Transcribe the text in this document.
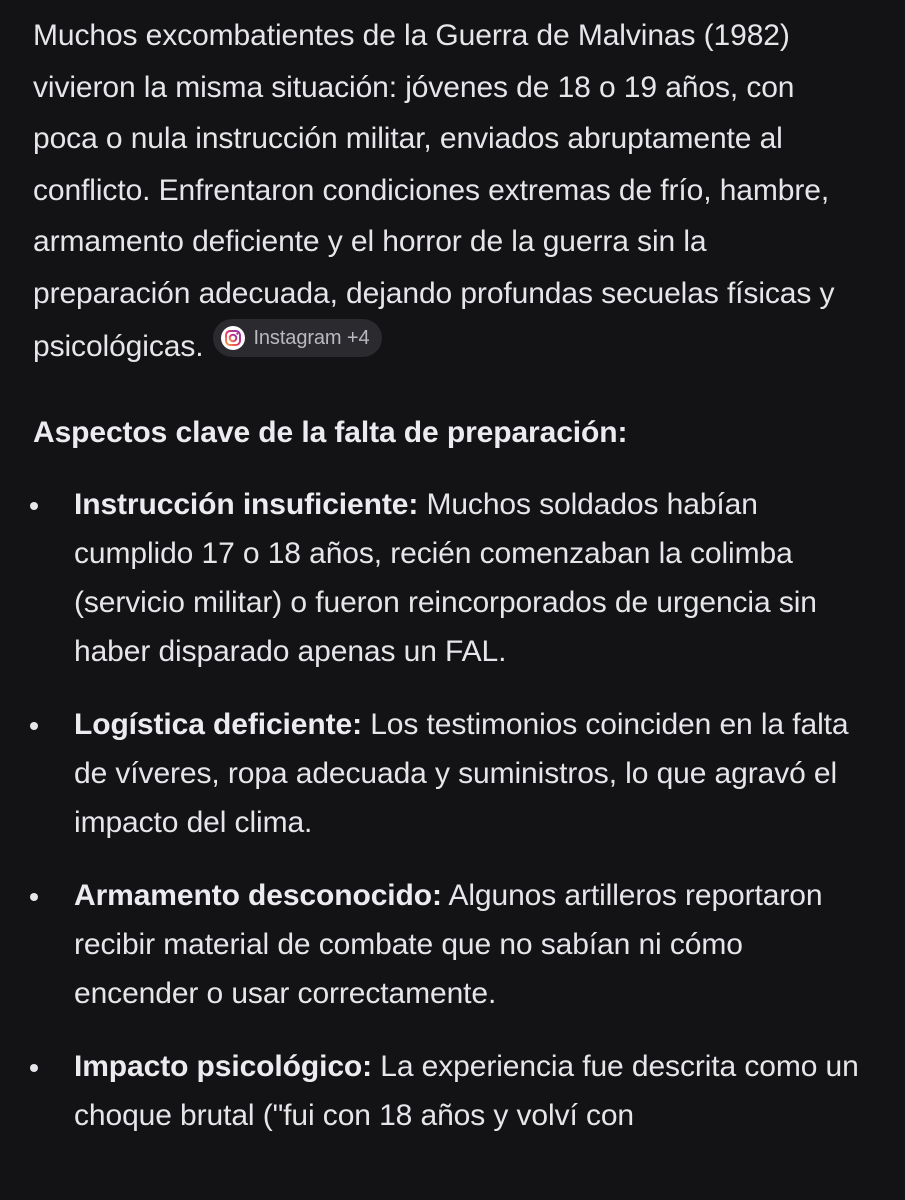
Muchos excombatientes de la Guerra de Malvinas (1982) vivieron la misma situación: jóvenes de 18 o 19 años, con poca o nula instrucción militar, enviados abruptamente al conflicto. Enfrentaron condiciones extremas de frío, hambre, armamento deficiente y el horror de la guerra sin la preparación adecuada, dejando profundas secuelas físicas y psicológicas.	Instagram +4

Aspectos clave de la falta de preparación:
Instrucción insuficiente: Muchos soldados habían cumplido 17 o 18 años, recién comenzaban la colimba (servicio militar) o fueron reincorporados de urgencia sin haber disparado apenas un FAL.
Logística deficiente: Los testimonios coinciden en la falta de víveres, ropa adecuada y suministros, lo que agravó el impacto del clima.
Armamento desconocido: Algunos artilleros reportaron recibir material de combate que no sabían ni cómo encender o usar correctamente.
Impacto psicológico: La experiencia fue descrita como un choque brutal ("fui con 18 años y volví con
